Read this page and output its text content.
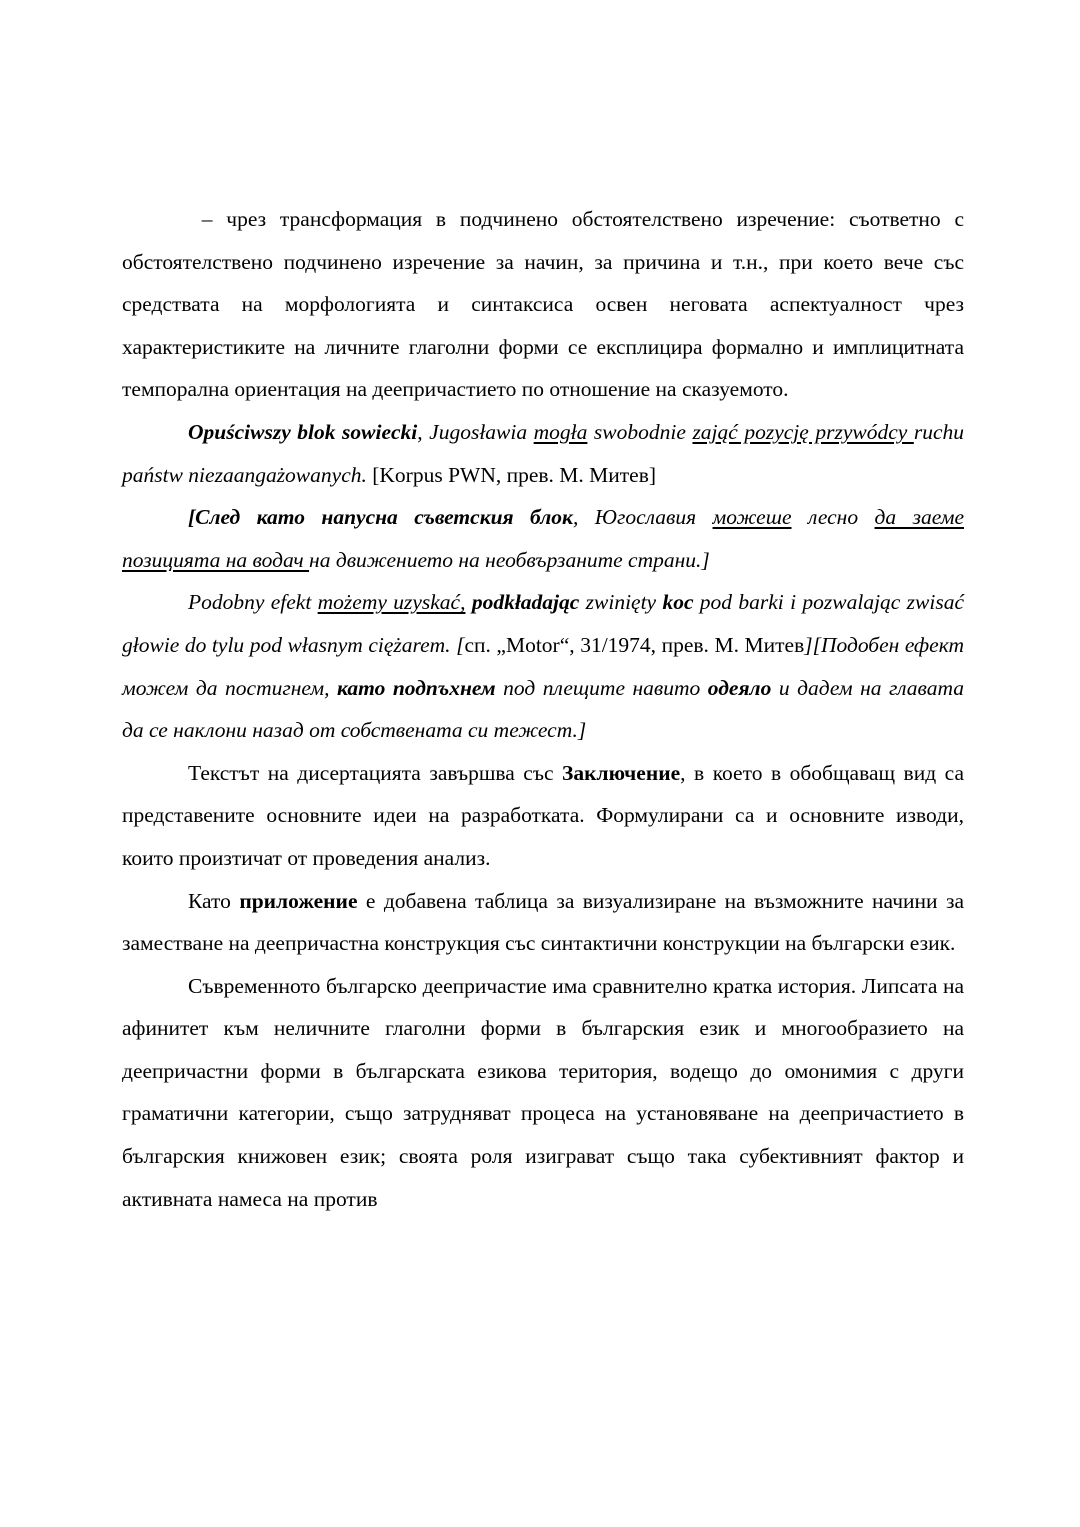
– чрез трансформация в подчинено обстоятелствено изречение: съответно с обстоятелствено подчинено изречение за начин, за причина и т.н., при което вече със средствата на морфологията и синтаксиса освен неговата аспектуалност чрез характеристиките на личните глаголни форми се експлицира формално и имплицитната темпорална ориентация на деепричастието по отношение на сказуемото.

Opuściwszy blok sowiecki, Jugosławia mogła swobodnie zająć pozycję przywódcy ruchu państw niezaangażowanych. [Korpus PWN, прев. М. Митев]

[След като напусна съветския блок, Югославия можеше лесно да заеме позицията на водач на движението на необвързаните страни.]

Podobny efekt możemy uzyskać, podkładając zwinięty koc pod barki i pozwalając zwisać głowie do tylu pod własnym ciężarem. [сп. „Motor“, 31/1974, прев. М. Митев][Подобен ефект можем да постигнем, като подпъхнем под плещите навито одеяло и дадем на главата да се наклони назад от собствената си тежест.]

Текстът на дисертацията завършва със Заключение, в което в обобщаващ вид са представените основните идеи на разработката. Формулирани са и основните изводи, които произтичат от проведения анализ.

Като приложение е добавена таблица за визуализиране на възможните начини за заместване на деепричастна конструкция със синтактични конструкции на български език.

Съвременното българско деепричастие има сравнително кратка история. Липсата на афинитет към неличните глаголни форми в българския език и многообразието на деепричастни форми в българската езикова територия, водещо до омонимия с други граматични категории, също затрудняват процеса на установяване на деепричастието в българския книжовен език; своята роля изиграват също така субективният фактор и активната намеса на против
